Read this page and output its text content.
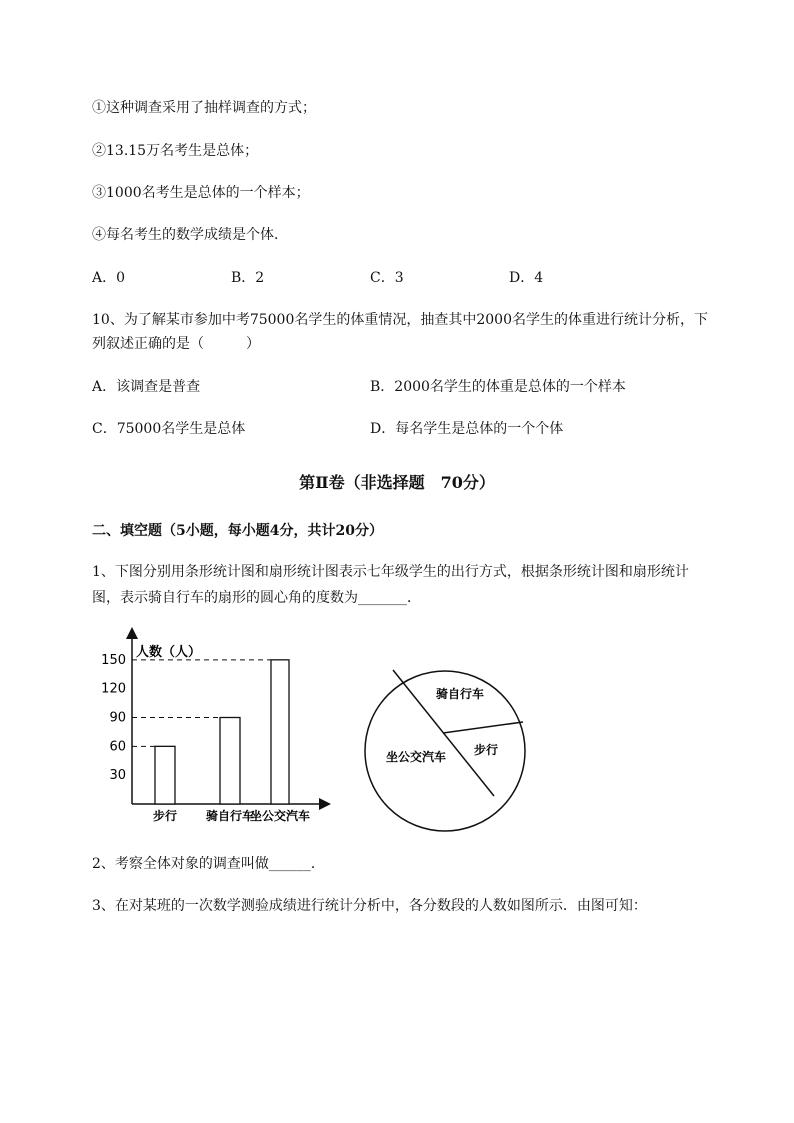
①这种调查采用了抽样调查的方式；
②13.15万名考生是总体；
③1000名考生是总体的一个样本；
④每名考生的数学成绩是个体．
A．0	B．2	C．3	D．4
10、为了解某市参加中考75000名学生的体重情况，抽查其中2000名学生的体重进行统计分析，下
列叙述正确的是（　　　）
A．该调查是普查	B．2000名学生的体重是总体的一个样本
C．75000名学生是总体	D．每名学生是总体的一个个体
第Ⅱ卷（非选择题　70分）
二、填空题（5小题，每小题4分，共计20分）
1、下图分别用条形统计图和扇形统计图表示七年级学生的出行方式，根据条形统计图和扇形统计
图，表示骑自行车的扇形的圆心角的度数为_______．
人数（人）
30
60
90
120
150
步行 骑自行车
坐公交汽车
骑自行车
步行
坐公交汽车
2、考察全体对象的调查叫做______．
3、在对某班的一次数学测验成绩进行统计分析中，各分数段的人数如图所示．由图可知：
